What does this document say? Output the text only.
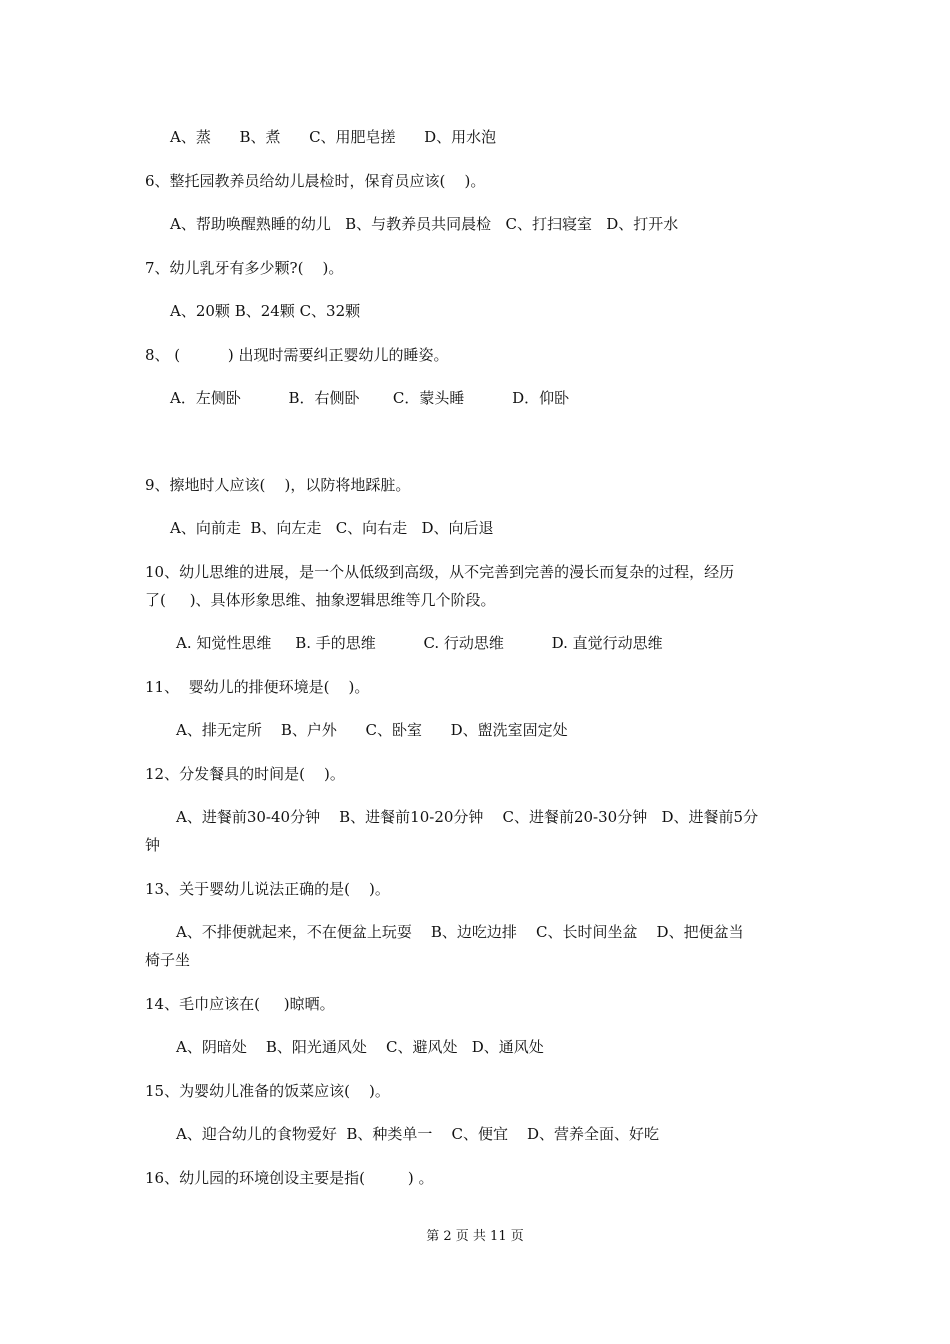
A、蒸      B、煮      C、用肥皂搓      D、用水泡
6、整托园教养员给幼儿晨检时，保育员应该(    )。
A、帮助唤醒熟睡的幼儿   B、与教养员共同晨检   C、打扫寝室   D、打开水
7、幼儿乳牙有多少颗?(    )。
A、20颗 B、24颗 C、32颗
8、 (          ) 出现时需要纠正婴幼儿的睡姿。
A．左侧卧          B．右侧卧       C．蒙头睡          D．仰卧
9、擦地时人应该(    )，以防将地踩脏。
A、向前走  B、向左走   C、向右走   D、向后退
10、幼儿思维的进展，是一个从低级到高级，从不完善到完善的漫长而复杂的过程，经历
了(     )、具体形象思维、抽象逻辑思维等几个阶段。
A. 知觉性思维     B. 手的思维          C. 行动思维          D. 直觉行动思维
11、  婴幼儿的排便环境是(    )。
A、排无定所    B、户外      C、卧室      D、盥洗室固定处
12、分发餐具的时间是(    )。
A、进餐前30-40分钟    B、进餐前10-20分钟    C、进餐前20-30分钟   D、进餐前5分
钟
13、关于婴幼儿说法正确的是(    )。
A、不排便就起来，不在便盆上玩耍    B、边吃边排    C、长时间坐盆    D、把便盆当
椅子坐
14、毛巾应该在(     )晾晒。
A、阴暗处    B、阳光通风处    C、避风处   D、通风处
15、为婴幼儿准备的饭菜应该(    )。
A、迎合幼儿的食物爱好  B、种类单一    C、便宜    D、营养全面、好吃
16、幼儿园的环境创设主要是指(         ) 。
第 2 页 共 11 页
